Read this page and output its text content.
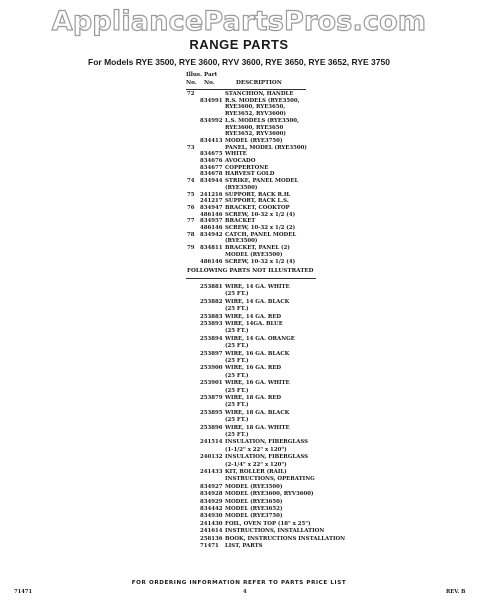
AppliancePartsPros.com
RANGE PARTS
For Models RYE 3500, RYE 3600, RYV 3600, RYE 3650, RYE 3652, RYE 3750
Illus. Part
No. No.	DESCRIPTION
72	STANCHION, HANDLE
834991 R.S. MODELS (RYE3500,
RYE3600, RYE3650,
RYE3652, RYV3600)
834992 L.S. MODELS (RYE3500,
RYE3600, RYE3650
RYE3652, RYV3600)
834413 MODEL (RYE3750)
73	PANEL, MODEL (RYE3500)
834675 WHITE
834676 AVOCADO
834677 COPPERTONE
834678 HARVEST GOLD
74 834944 STRIKE, PANEL MODEL
(RYE3500)
75 241216 SUPPORT, RACK R.H.
241217 SUPPORT, RACK L.S.
76 834947 BRACKET, COOKTOP
486146 SCREW, 10-32 x 1/2 (4)
77 834957 BRACKET
486146 SCREW, 10-32 x 1/2 (2)
78 834942 CATCH, PANEL MODEL
(RYE3500)
79 834811 BRACKET, PANEL (2)
MODEL (RYE3500)
486146 SCREW, 10-32 x 1/2 (4)
FOLLOWING PARTS NOT ILLUSTRATED
253881 WIRE, 14 GA. WHITE
(25 FT.)
253882 WIRE, 14 GA. BLACK
(25 FT.)
253883 WIRE, 14 GA. RED
253893 WIRE, 14GA. BLUE
(25 FT.)
253894 WIRE, 14 GA. ORANGE
(25 FT.)
253897 WIRE, 16 GA. BLACK
(25 FT.)
253900 WIRE, 16 GA. RED
(25 FT.)
253901 WIRE, 16 GA. WHITE
(25 FT.)
253879 WIRE, 18 GA. RED
(25 FT.)
253895 WIRE, 18 GA. BLACK
(25 FT.)
253896 WIRE, 18 GA. WHITE
(25 FT.)
241514 INSULATION, FIBERGLASS
(1-1/2" x 22" x 120")
240132 INSULATION, FIBERGLASS
(2-1/4" x 22" x 120")
241433 KIT, ROLLER (RAIL)
INSTRUCTIONS, OPERATING
834927 MODEL (RYE3500)
834928 MODEL (RYE3600, RYV3600)
834929 MODEL (RYE3650)
834442 MODEL (RYE3652)
834930 MODEL (RYE3750)
241430 FOIL, OVEN TOP (18" x 25")
241614 INSTRUCTIONS, INSTALLATION
258136 BOOK, INSTRUCTIONS INSTALLATION
71471 LIST, PARTS
FOR ORDERING INFORMATION REFER TO PARTS PRICE LIST
71471	4	REV. B
